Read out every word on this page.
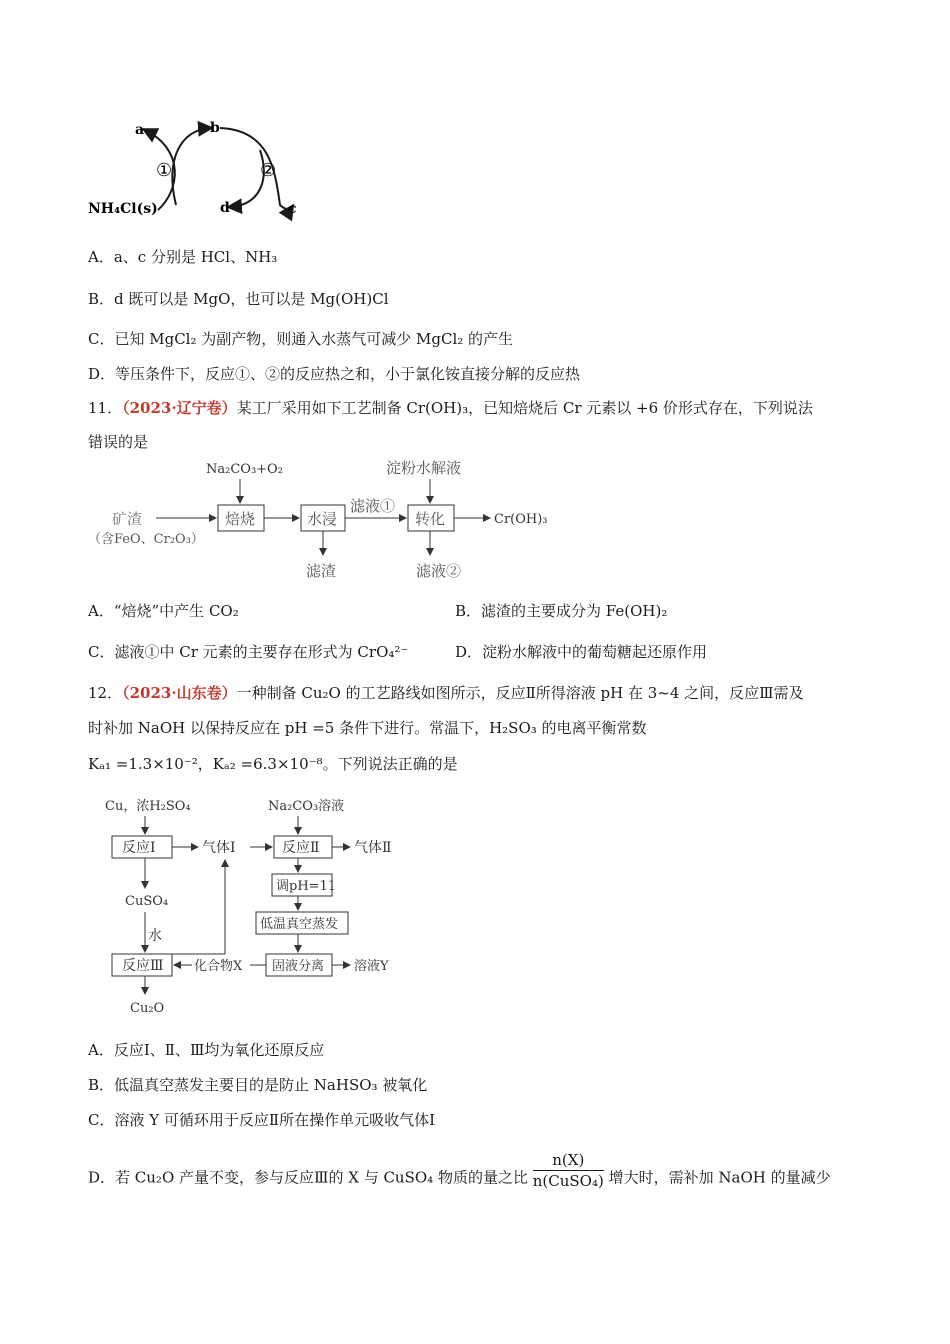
a	b
c
d
①	②
NH₄Cl(s)
A．a、c 分别是 HCl、NH₃
B．d 既可以是 MgO，也可以是 Mg(OH)Cl
C．已知 MgCl₂ 为副产物，则通入水蒸气可减少 MgCl₂ 的产生
D．等压条件下，反应①、②的反应热之和，小于氯化铵直接分解的反应热
11．（2023·辽宁卷）某工厂采用如下工艺制备 Cr(OH)₃，已知焙烧后 Cr 元素以 +6 价形式存在，下列说法
错误的是
Na₂CO₃+O₂	淀粉水解液
矿渣
（含FeO、Cr₂O₃）
焙烧	水浸
滤液①
转化	Cr(OH)₃
滤渣	滤液②
A．“焙烧”中产生 CO₂	B．滤渣的主要成分为 Fe(OH)₂
C．滤液①中 Cr 元素的主要存在形式为 CrO₄²⁻	D．淀粉水解液中的葡萄糖起还原作用
12．（2023·山东卷）一种制备 Cu₂O 的工艺路线如图所示，反应Ⅱ所得溶液 pH 在 3~4 之间，反应Ⅲ需及
时补加 NaOH 以保持反应在 pH =5 条件下进行。常温下，H₂SO₃ 的电离平衡常数
Kₐ₁ =1.3×10⁻²，Kₐ₂ =6.3×10⁻⁸。下列说法正确的是
Cu，浓H₂SO₄	Na₂CO₃溶液
反应Ⅰ	气体Ⅰ	反应Ⅱ 气体Ⅱ
CuSO₄
水
反应Ⅲ
Cu₂O
调pH=11
低温真空蒸发
固液分离 溶液Y
化合物X
A．反应Ⅰ、Ⅱ、Ⅲ均为氧化还原反应
B．低温真空蒸发主要目的是防止 NaHSO₃ 被氧化
C．溶液 Y 可循环用于反应Ⅱ所在操作单元吸收气体Ⅰ
D．若 Cu₂O 产量不变，参与反应Ⅲ的 X 与 CuSO₄ 物质的量之比 $\frac{n(X)}{\text{n(CuSO₄)}}$ 增大时，需补加 NaOH 的量减少
